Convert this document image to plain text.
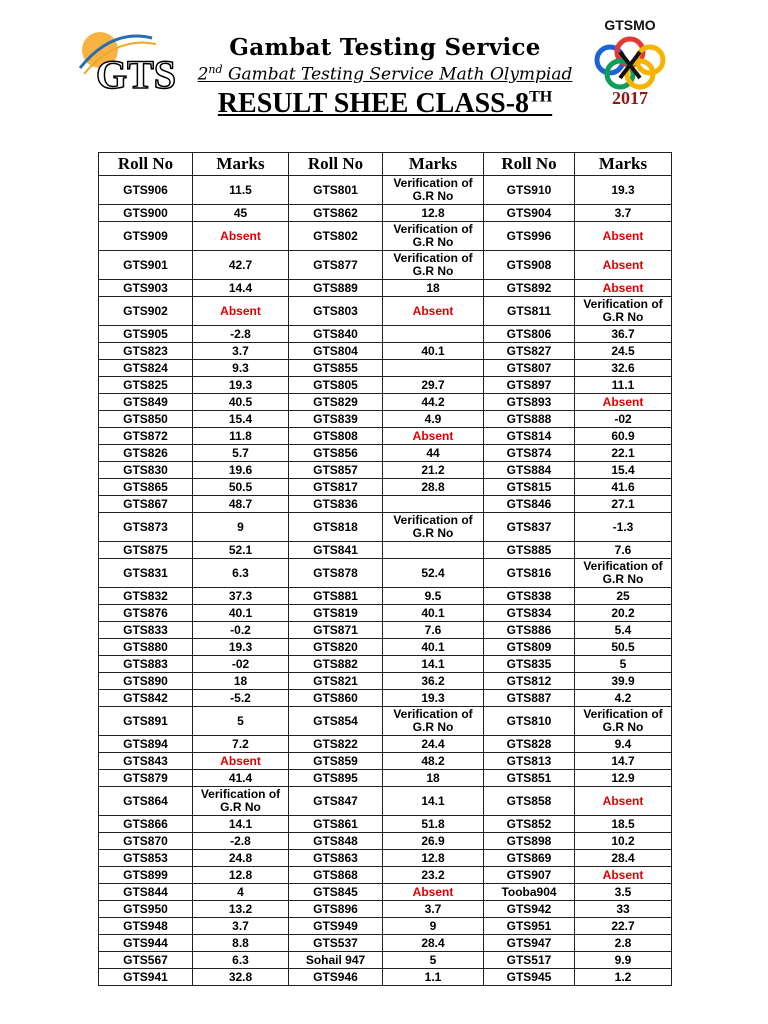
GTS
Gambat Testing Service
2nd Gambat Testing Service Math Olympiad
RESULT SHEE CLASS-8TH
GTSMO
2017
Roll No	Marks	Roll No	Marks	Roll No	Marks
GTS906	11.5	GTS801	Verification of G.R No	GTS910	19.3
GTS900	45	GTS862	12.8	GTS904	3.7
GTS909	Absent	GTS802	Verification of G.R No	GTS996	Absent
GTS901	42.7	GTS877	Verification of G.R No	GTS908	Absent
GTS903	14.4	GTS889	18	GTS892	Absent
GTS902	Absent	GTS803	Absent	GTS811	Verification of G.R No
GTS905	-2.8	GTS840		GTS806	36.7
GTS823	3.7	GTS804	40.1	GTS827	24.5
GTS824	9.3	GTS855		GTS807	32.6
GTS825	19.3	GTS805	29.7	GTS897	11.1
GTS849	40.5	GTS829	44.2	GTS893	Absent
GTS850	15.4	GTS839	4.9	GTS888	-02
GTS872	11.8	GTS808	Absent	GTS814	60.9
GTS826	5.7	GTS856	44	GTS874	22.1
GTS830	19.6	GTS857	21.2	GTS884	15.4
GTS865	50.5	GTS817	28.8	GTS815	41.6
GTS867	48.7	GTS836		GTS846	27.1
GTS873	9	GTS818	Verification of G.R No	GTS837	-1.3
GTS875	52.1	GTS841		GTS885	7.6
GTS831	6.3	GTS878	52.4	GTS816	Verification of G.R No
GTS832	37.3	GTS881	9.5	GTS838	25
GTS876	40.1	GTS819	40.1	GTS834	20.2
GTS833	-0.2	GTS871	7.6	GTS886	5.4
GTS880	19.3	GTS820	40.1	GTS809	50.5
GTS883	-02	GTS882	14.1	GTS835	5
GTS890	18	GTS821	36.2	GTS812	39.9
GTS842	-5.2	GTS860	19.3	GTS887	4.2
GTS891	5	GTS854	Verification of G.R No	GTS810	Verification of G.R No
GTS894	7.2	GTS822	24.4	GTS828	9.4
GTS843	Absent	GTS859	48.2	GTS813	14.7
GTS879	41.4	GTS895	18	GTS851	12.9
GTS864	Verification of G.R No	GTS847	14.1	GTS858	Absent
GTS866	14.1	GTS861	51.8	GTS852	18.5
GTS870	-2.8	GTS848	26.9	GTS898	10.2
GTS853	24.8	GTS863	12.8	GTS869	28.4
GTS899	12.8	GTS868	23.2	GTS907	Absent
GTS844	4	GTS845	Absent	Tooba904	3.5
GTS950	13.2	GTS896	3.7	GTS942	33
GTS948	3.7	GTS949	9	GTS951	22.7
GTS944	8.8	GTS537	28.4	GTS947	2.8
GTS567	6.3	Sohail 947	5	GTS517	9.9
GTS941	32.8	GTS946	1.1	GTS945	1.2
